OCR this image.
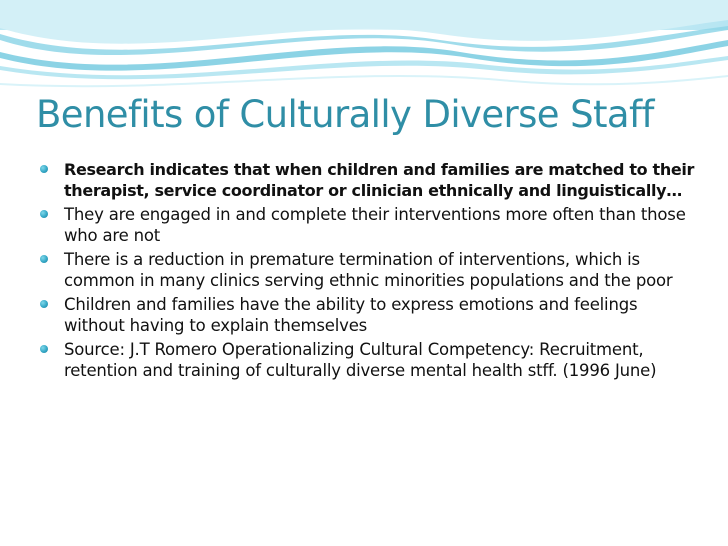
Benefits of Culturally Diverse Staff
Research indicates that when children and families are matched to their therapist, service coordinator or clinician ethnically and linguistically…
They are engaged in and complete their interventions more often than those who are not
There is a reduction in premature termination of interventions, which is common in many clinics serving ethnic minorities populations and the poor
Children and families have the ability to express emotions and feelings without having to explain themselves
Source: J.T Romero Operationalizing Cultural Competency: Recruitment, retention and training of culturally diverse mental health stff. (1996 June)
